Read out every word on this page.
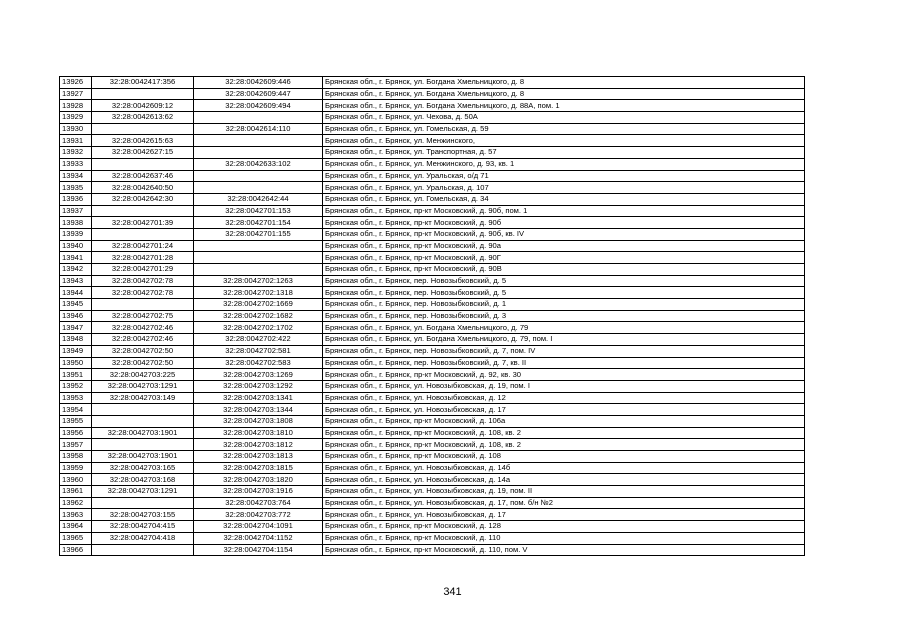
13926	32:28:0042417:356	32:28:0042609:446	Брянская обл., г. Брянск, ул. Богдана Хмельницкого, д. 8
13927		32:28:0042609:447	Брянская обл., г. Брянск, ул. Богдана Хмельницкого, д. 8
13928	32:28:0042609:12	32:28:0042609:494	Брянская обл., г. Брянск, ул. Богдана Хмельницкого, д. 88А, пом. 1
13929	32:28:0042613:62		Брянская обл., г. Брянск, ул. Чехова, д. 50А
13930		32:28:0042614:110	Брянская обл., г. Брянск, ул. Гомельская, д. 59
13931	32:28:0042615:63		Брянская обл., г. Брянск, ул. Менжинского,
13932	32:28:0042627:15		Брянская обл., г. Брянск, ул. Транспортная, д. 57
13933		32:28:0042633:102	Брянская обл., г. Брянск, ул. Менжинского, д. 93, кв. 1
13934	32:28:0042637:46		Брянская обл., г. Брянск, ул. Уральская, о/д 71
13935	32:28:0042640:50		Брянская обл., г. Брянск, ул. Уральская, д. 107
13936	32:28:0042642:30	32:28:0042642:44	Брянская обл., г. Брянск, ул. Гомельская, д. 34
13937		32:28:0042701:153	Брянская обл., г. Брянск, пр-кт Московский, д. 90б, пом. 1
13938	32:28:0042701:39	32:28:0042701:154	Брянская обл., г. Брянск, пр-кт Московский, д. 90б
13939		32:28:0042701:155	Брянская обл., г. Брянск, пр-кт Московский, д. 90б, кв. IV
13940	32:28:0042701:24		Брянская обл., г. Брянск, пр-кт Московский, д. 90а
13941	32:28:0042701:28		Брянская обл., г. Брянск, пр-кт Московский, д. 90Г
13942	32:28:0042701:29		Брянская обл., г. Брянск, пр-кт Московский, д. 90В
13943	32:28:0042702:78	32:28:0042702:1263	Брянская обл., г. Брянск, пер. Новозыбковский, д. 5
13944	32:28:0042702:78	32:28:0042702:1318	Брянская обл., г. Брянск, пер. Новозыбковский, д. 5
13945		32:28:0042702:1669	Брянская обл., г. Брянск, пер. Новозыбковский, д. 1
13946	32:28:0042702:75	32:28:0042702:1682	Брянская обл., г. Брянск, пер. Новозыбковский, д. 3
13947	32:28:0042702:46	32:28:0042702:1702	Брянская обл., г. Брянск, ул. Богдана Хмельницкого, д. 79
13948	32:28:0042702:46	32:28:0042702:422	Брянская обл., г. Брянск, ул. Богдана Хмельницкого, д. 79, пом. I
13949	32:28:0042702:50	32:28:0042702:581	Брянская обл., г. Брянск, пер. Новозыбковский, д. 7, пом. IV
13950	32:28:0042702:50	32:28:0042702:583	Брянская обл., г. Брянск, пер. Новозыбковский, д. 7, кв. II
13951	32:28:0042703:225	32:28:0042703:1269	Брянская обл., г. Брянск, пр-кт Московский, д. 92, кв. 30
13952	32:28:0042703:1291	32:28:0042703:1292	Брянская обл., г. Брянск, ул. Новозыбковская, д. 19, пом. I
13953	32:28:0042703:149	32:28:0042703:1341	Брянская обл., г. Брянск, ул. Новозыбковская, д. 12
13954		32:28:0042703:1344	Брянская обл., г. Брянск, ул. Новозыбковская, д. 17
13955		32:28:0042703:1808	Брянская обл., г. Брянск, пр-кт Московский, д. 106а
13956	32:28:0042703:1901	32:28:0042703:1810	Брянская обл., г. Брянск, пр-кт Московский, д. 108, кв. 2
13957		32:28:0042703:1812	Брянская обл., г. Брянск, пр-кт Московский, д. 108, кв. 2
13958	32:28:0042703:1901	32:28:0042703:1813	Брянская обл., г. Брянск, пр-кт Московский, д. 108
13959	32:28:0042703:165	32:28:0042703:1815	Брянская обл., г. Брянск, ул. Новозыбковская, д. 14б
13960	32:28:0042703:168	32:28:0042703:1820	Брянская обл., г. Брянск, ул. Новозыбковская, д. 14а
13961	32:28:0042703:1291	32:28:0042703:1916	Брянская обл., г. Брянск, ул. Новозыбковская, д. 19, пом. II
13962		32:28:0042703:764	Брянская обл., г. Брянск, ул. Новозыбковская, д. 17, пом. б/н №2
13963	32:28:0042703:155	32:28:0042703:772	Брянская обл., г. Брянск, ул. Новозыбковская, д. 17
13964	32:28:0042704:415	32:28:0042704:1091	Брянская обл., г. Брянск, пр-кт Московский, д. 128
13965	32:28:0042704:418	32:28:0042704:1152	Брянская обл., г. Брянск, пр-кт Московский, д. 110
13966		32:28:0042704:1154	Брянская обл., г. Брянск, пр-кт Московский, д. 110, пом. V
341
